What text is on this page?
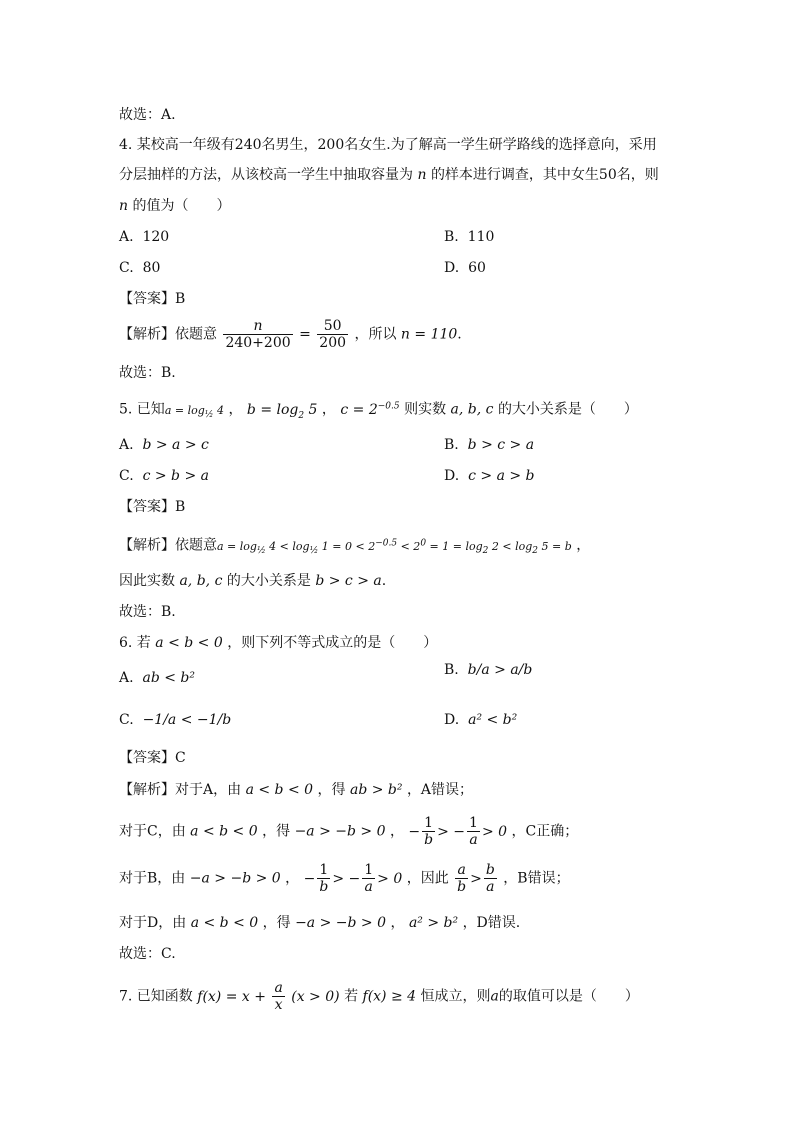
故选：A.
4. 某校高一年级有240名男生，200名女生.为了解高一学生研学路线的选择意向，采用
分层抽样的方法，从该校高一学生中抽取容量为 n 的样本进行调查，其中女生50名，则
n 的值为（　　）
A. 120	B. 110
C. 80	D. 60
【答案】B
【解析】依题意 $\frac{n}{240+200} = \frac{50}{200}$ ，所以 n = 110.
故选：B.
5. 已知$a = \log_{\frac{1}{2}} 4$ ， $b = \log_2 5$ ， $c = 2^{-0.5}$ 则实数 a, b, c 的大小关系是（　　）
A. b > a > c	B. b > c > a
C. c > b > a	D. c > a > b
【答案】B
【解析】依题意$a = \log_{\frac{1}{2}} 4 < \log_{\frac{1}{2}} 1 = 0 < 2^{-0.5} < 2^0 = 1 = \log_2 2 < \log_2 5 = b$ ，
因此实数 a, b, c 的大小关系是 b > c > a.
故选：B.
6. 若 a < b < 0 ，则下列不等式成立的是（　　）
A. ab < b²	B. b/a > a/b
C. −1/a < −1/b	D. a² < b²
【答案】C
【解析】对于A，由 a < b < 0 ，得 ab > b² ，A错误；
对于C，由 a < b < 0 ，得 −a > −b > 0 ， − $\frac{1}{b}$ > − $\frac{1}{a} > 0$ ，C正确；
对于B，由 −a > −b > 0 ， − $\frac{1}{b}$ > − $\frac{1}{a} > 0$ ，因此 $\frac{a}{b} > \frac{b}{a}$ ，B错误；
对于D，由 a < b < 0 ，得 −a > −b > 0 ， a² > b² ，D错误.
故选：C.
7. 已知函数 $f(x) = x + \frac{a}{x} (x > 0)$ 若 f(x) ≥ 4 恒成立，则a的取值可以是（　　）
